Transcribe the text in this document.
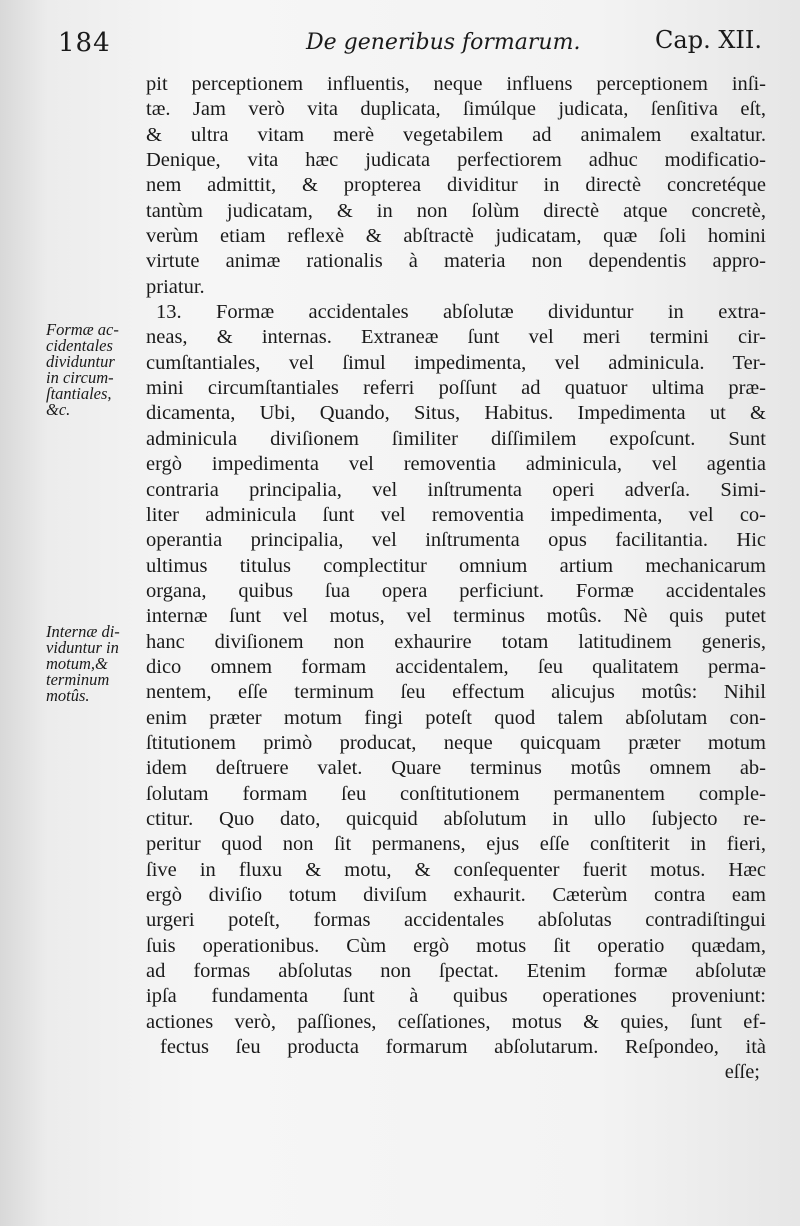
184	De generibus formarum.	Cap. XII.
Formæ ac-
cidentales
dividuntur
in circum-
ſtantiales,
&c.
Internæ di-
viduntur in
motum,&
terminum
motûs.
pit perceptionem influentis, neque influens perceptionem inſi-
tæ. Jam verò vita duplicata, ſimúlque judicata, ſenſitiva eſt,
& ultra vitam merè vegetabilem ad animalem exaltatur.
Denique, vita hæc judicata perfectiorem adhuc modificatio-
nem admittit, & propterea dividitur in directè concretéque
tantùm judicatam, & in non ſolùm directè atque concretè,
verùm etiam reflexè & abſtractè judicatam, quæ ſoli homini
virtute animæ rationalis à materia non dependentis appro-
priatur.
13. Formæ accidentales abſolutæ dividuntur in extra-
neas, & internas. Extraneæ ſunt vel meri termini cir-
cumſtantiales, vel ſimul impedimenta, vel adminicula. Ter-
mini circumſtantiales referri poſſunt ad quatuor ultima præ-
dicamenta, Ubi, Quando, Situs, Habitus. Impedimenta ut &
adminicula diviſionem ſimiliter diſſimilem expoſcunt. Sunt
ergò impedimenta vel removentia adminicula, vel agentia
contraria principalia, vel inſtrumenta operi adverſa. Simi-
liter adminicula ſunt vel removentia impedimenta, vel co-
operantia principalia, vel inſtrumenta opus facilitantia. Hic
ultimus titulus complectitur omnium artium mechanicarum
organa, quibus ſua opera perficiunt. Formæ accidentales
internæ ſunt vel motus, vel terminus motûs. Nè quis putet
hanc diviſionem non exhaurire totam latitudinem generis,
dico omnem formam accidentalem, ſeu qualitatem perma-
nentem, eſſe terminum ſeu effectum alicujus motûs: Nihil
enim præter motum fingi poteſt quod talem abſolutam con-
ſtitutionem primò producat, neque quicquam præter motum
idem deſtruere valet. Quare terminus motûs omnem ab-
ſolutam formam ſeu conſtitutionem permanentem comple-
ctitur. Quo dato, quicquid abſolutum in ullo ſubjecto re-
peritur quod non ſit permanens, ejus eſſe conſtiterit in fieri,
ſive in fluxu & motu, & conſequenter fuerit motus. Hæc
ergò diviſio totum diviſum exhaurit. Cæterùm contra eam
urgeri poteſt, formas accidentales abſolutas contradiſtingui
ſuis operationibus. Cùm ergò motus ſit operatio quædam,
ad formas abſolutas non ſpectat. Etenim formæ abſolutæ
ipſa fundamenta ſunt à quibus operationes proveniunt:
actiones verò, paſſiones, ceſſationes, motus & quies, ſunt ef-
fectus ſeu producta formarum abſolutarum. Reſpondeo, ità
eſſe;
